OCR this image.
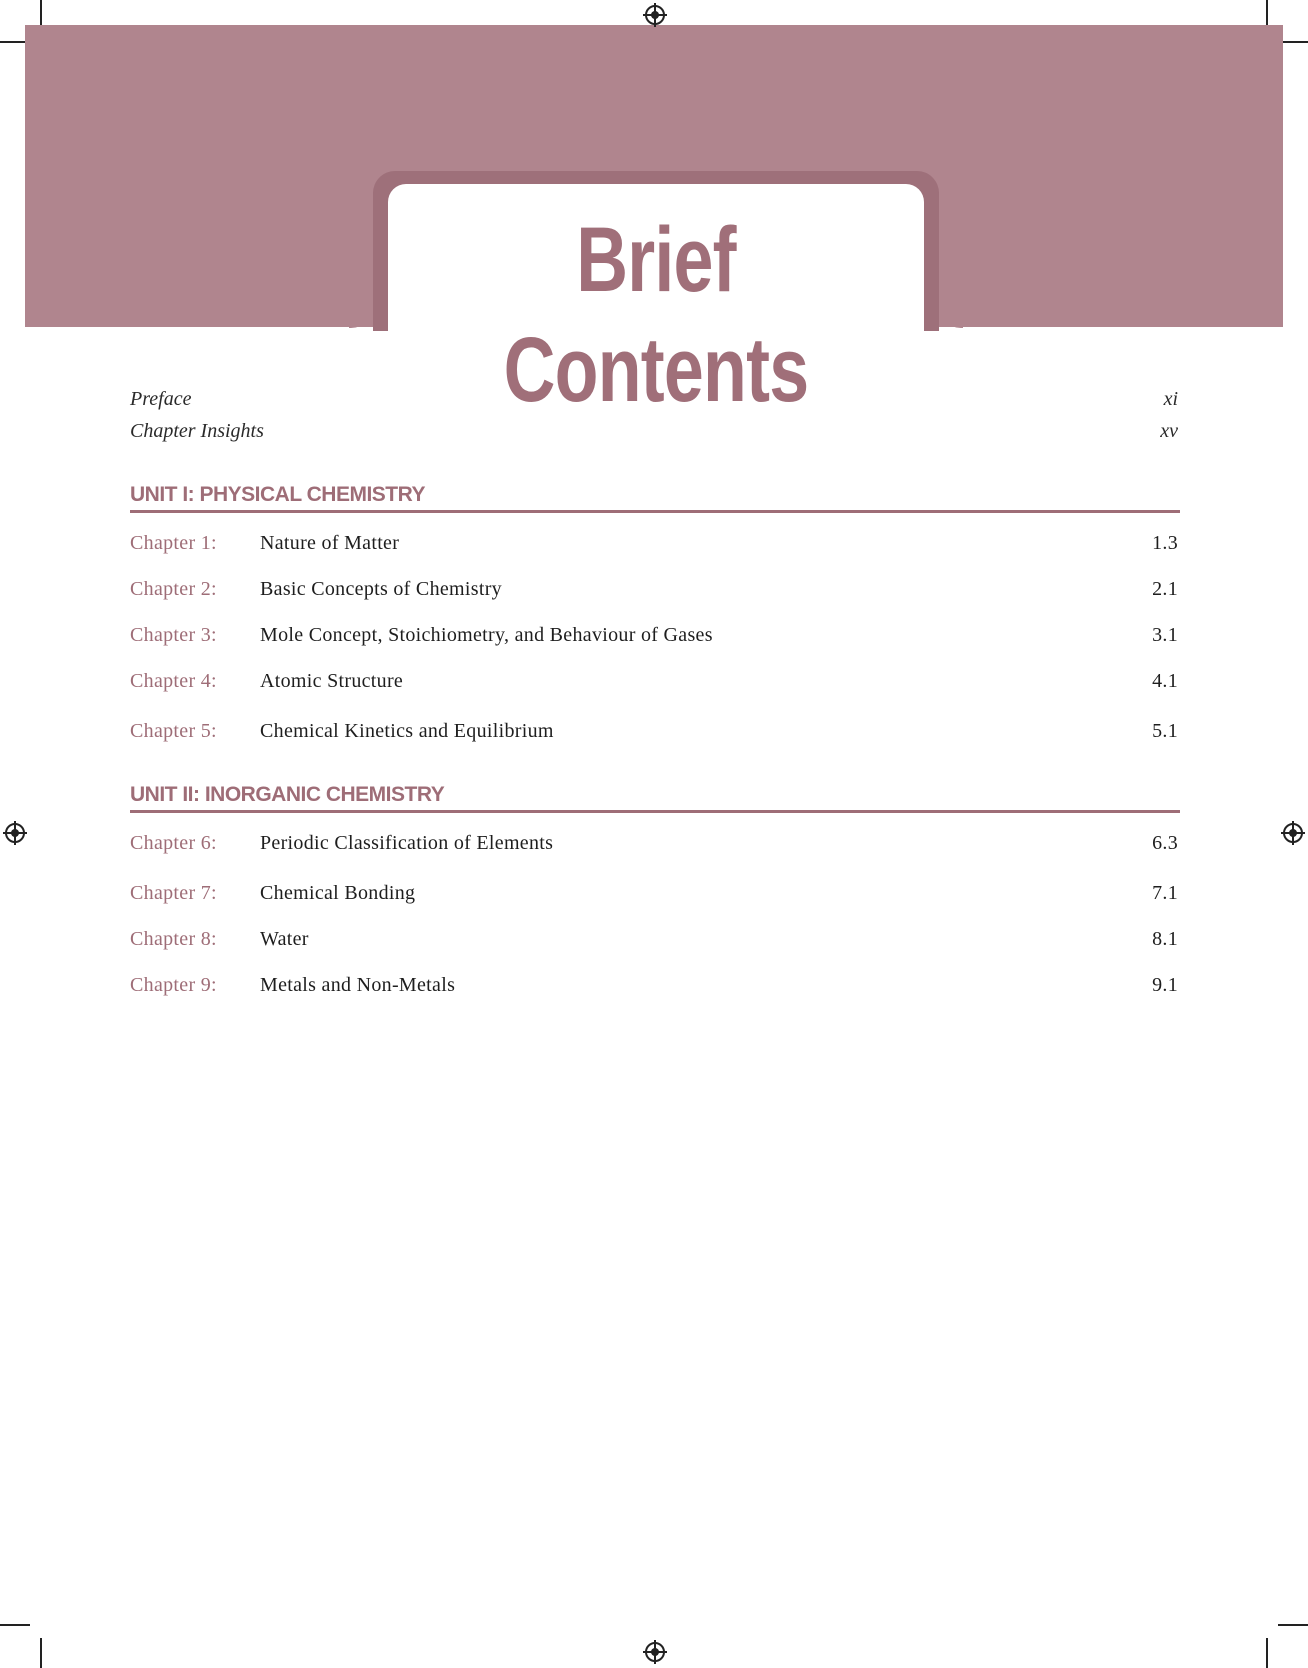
Brief Contents
Preface	xi
Chapter Insights	xv
UNIT I: PHYSICAL CHEMISTRY
Chapter 1: Nature of Matter	1.3
Chapter 2: Basic Concepts of Chemistry	2.1
Chapter 3: Mole Concept, Stoichiometry, and Behaviour of Gases	3.1
Chapter 4: Atomic Structure	4.1
Chapter 5: Chemical Kinetics and Equilibrium	5.1
UNIT II: INORGANIC CHEMISTRY
Chapter 6: Periodic Classification of Elements	6.3
Chapter 7: Chemical Bonding	7.1
Chapter 8: Water	8.1
Chapter 9: Metals and Non-Metals	9.1
